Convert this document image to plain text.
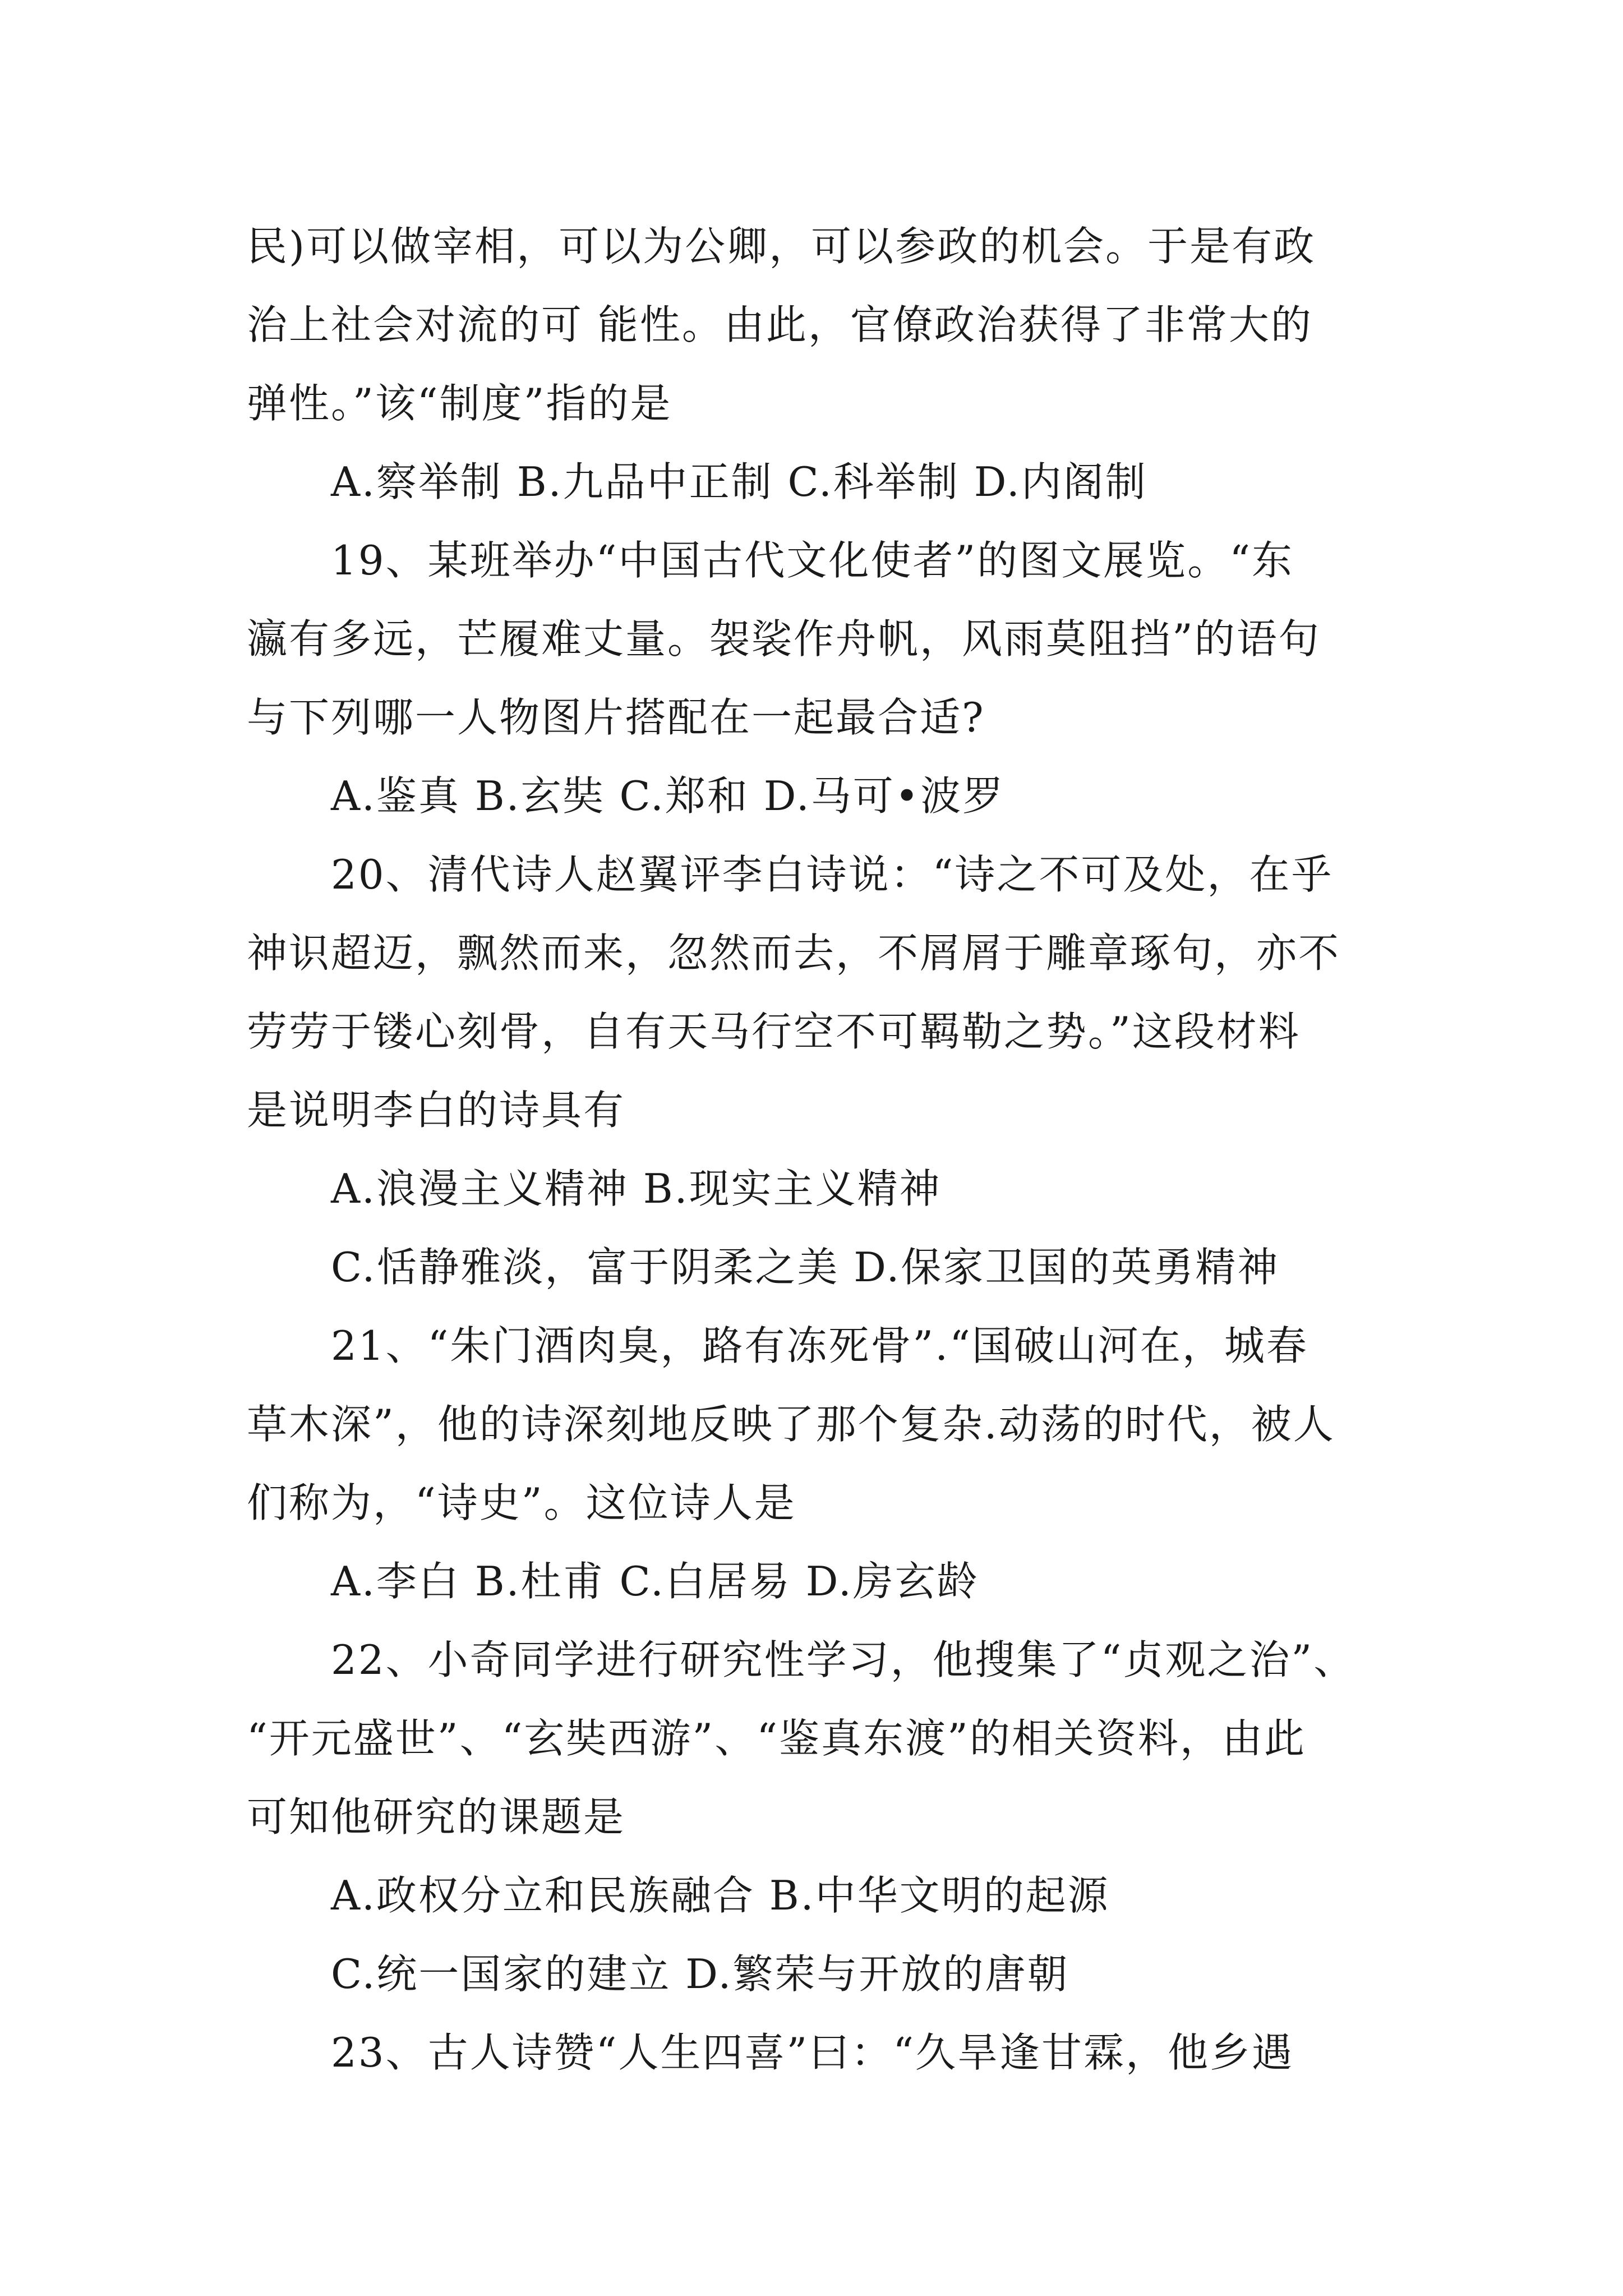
民)可以做宰相，可以为公卿，可以参政的机会。于是有政
治上社会对流的可 能性。由此，官僚政治获得了非常大的
弹性。”该“制度”指的是
A.察举制 B.九品中正制 C.科举制 D.内阁制
19、某班举办“中国古代文化使者”的图文展览。“东
瀛有多远，芒履难丈量。袈裟作舟帆，风雨莫阻挡”的语句
与下列哪一人物图片搭配在一起最合适?
A.鉴真 B.玄奘 C.郑和 D.马可•波罗
20、清代诗人赵翼评李白诗说：“诗之不可及处，在乎
神识超迈，飘然而来，忽然而去，不屑屑于雕章琢句，亦不
劳劳于镂心刻骨，自有天马行空不可羁勒之势。”这段材料
是说明李白的诗具有
A.浪漫主义精神 B.现实主义精神
C.恬静雅淡，富于阴柔之美 D.保家卫国的英勇精神
21、“朱门酒肉臭，路有冻死骨”.“国破山河在，城春
草木深”，他的诗深刻地反映了那个复杂.动荡的时代，被人
们称为，“诗史”。这位诗人是
A.李白 B.杜甫 C.白居易 D.房玄龄
22、小奇同学进行研究性学习，他搜集了“贞观之治”、
“开元盛世”、“玄奘西游”、“鉴真东渡”的相关资料，由此
可知他研究的课题是
A.政权分立和民族融合 B.中华文明的起源
C.统一国家的建立 D.繁荣与开放的唐朝
23、古人诗赞“人生四喜”曰：“久旱逢甘霖，他乡遇
